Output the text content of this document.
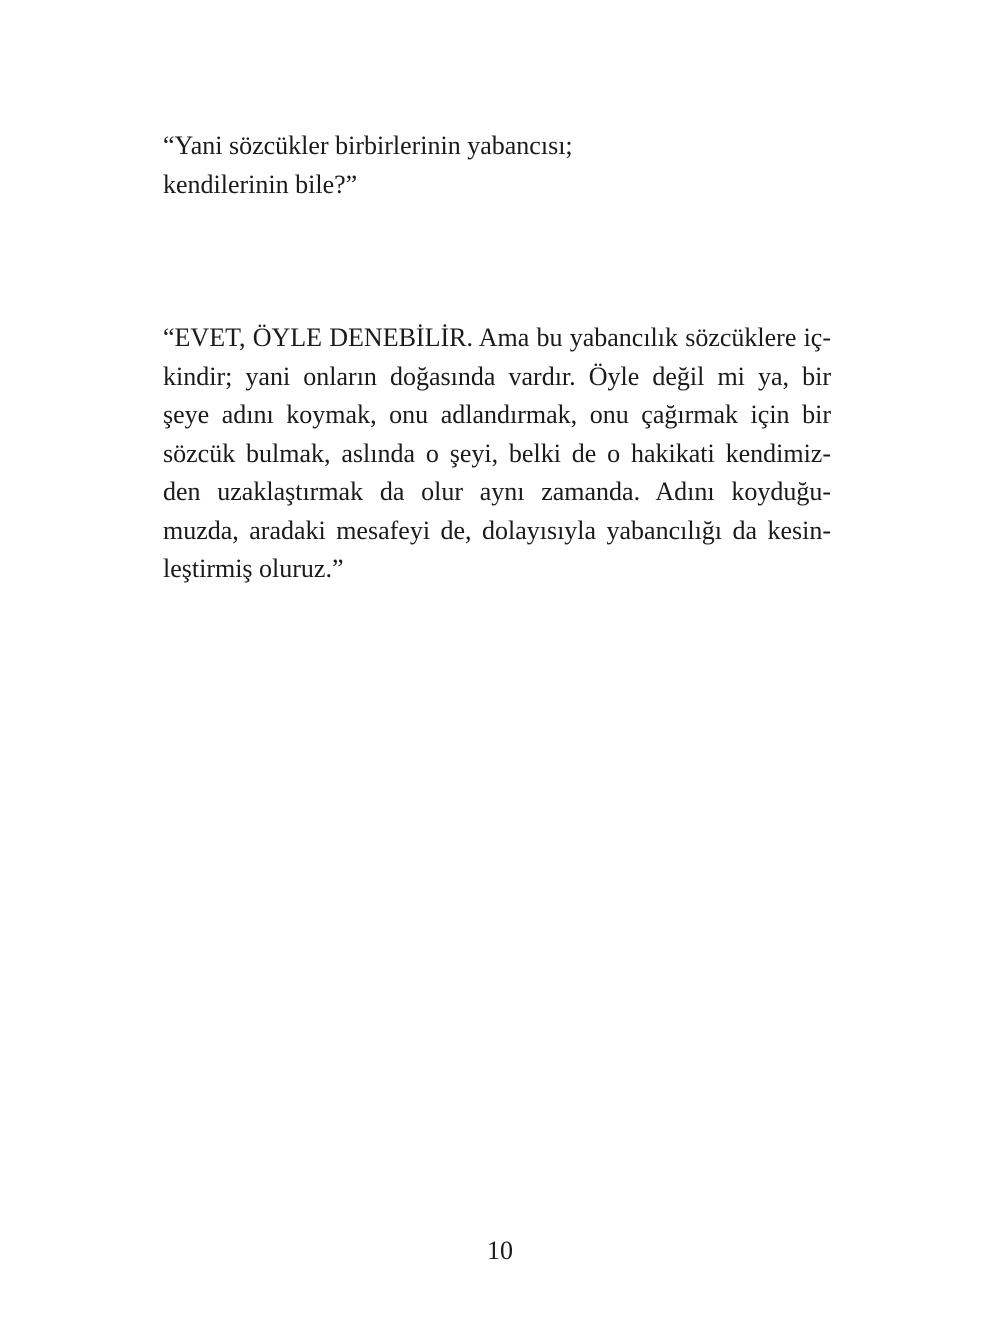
“Yani sözcükler birbirlerinin yabancısı;
kendilerinin bile?”

“EVET, ÖYLE DENEBİLİR. Ama bu yabancılık sözcüklere iç-
kindir; yani onların doğasında vardır. Öyle değil mi ya, bir
şeye adını koymak, onu adlandırmak, onu çağırmak için bir
sözcük bulmak, aslında o şeyi, belki de o hakikati kendimiz-
den uzaklaştırmak da olur aynı zamanda. Adını koyduğu-
muzda, aradaki mesafeyi de, dolayısıyla yabancılığı da kesin-
leştirmiş oluruz.”

10
